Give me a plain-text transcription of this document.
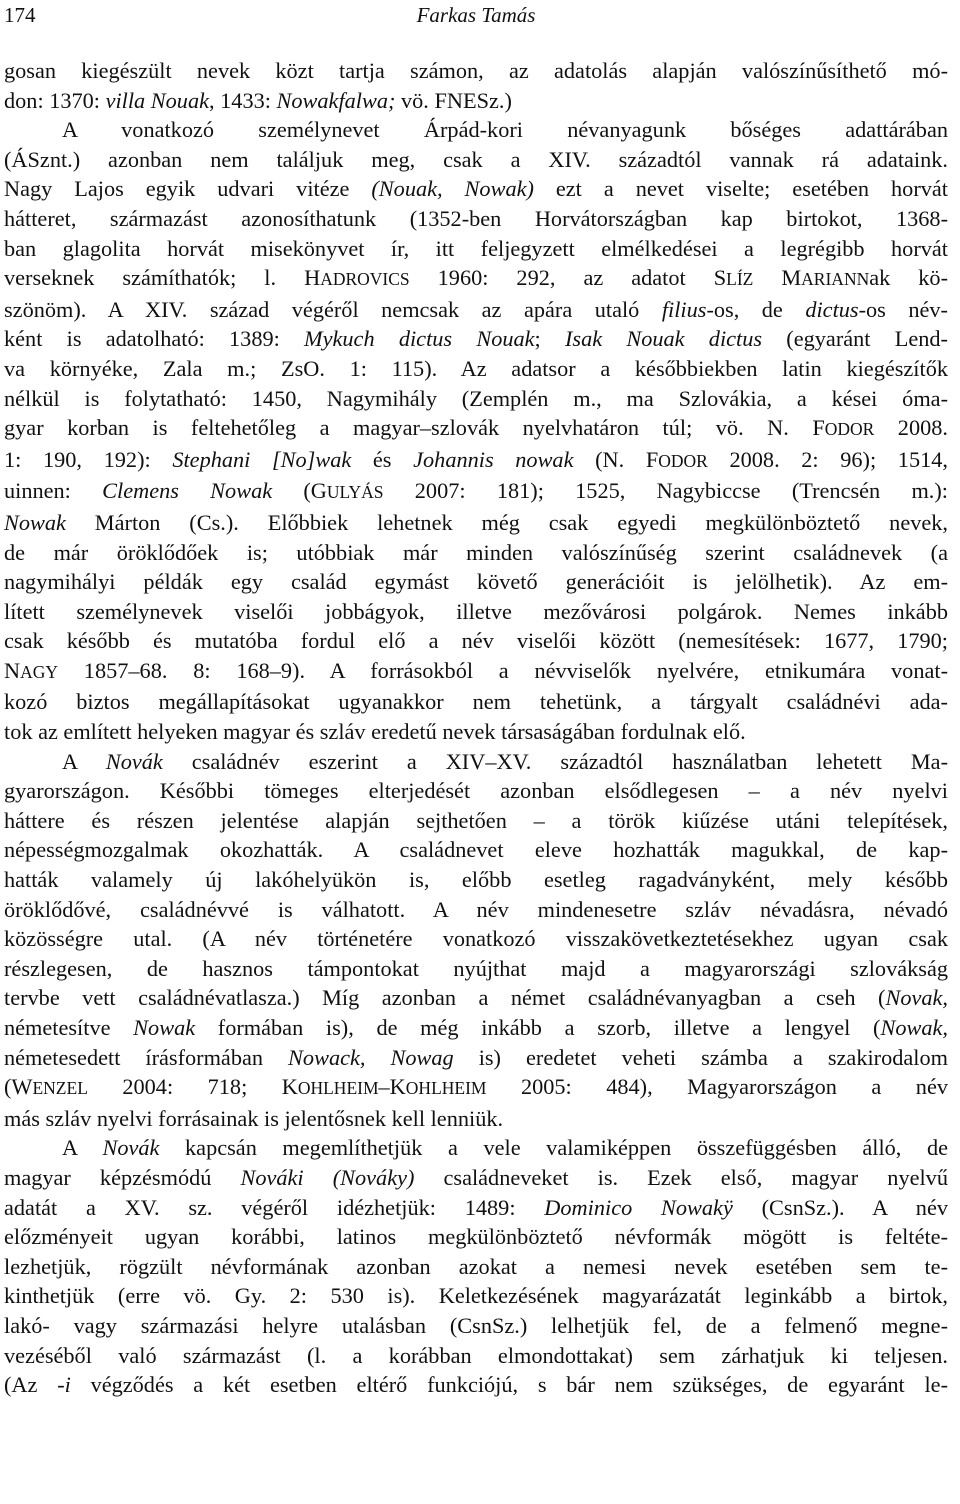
174	Farkas Tamás
gosan kiegészült nevek közt tartja számon, az adatolás alapján valószínűsíthető mó-
don: 1370: villa Nouak, 1433: Nowakfalwa; vö. FNESz.)
A vonatkozó személynevet Árpád-kori névanyagunk bőséges adattárában
(ÁSznt.) azonban nem találjuk meg, csak a XIV. századtól vannak rá adataink.
Nagy Lajos egyik udvari vitéze (Nouak, Nowak) ezt a nevet viselte; esetében horvát
hátteret, származást azonosíthatunk (1352-ben Horvátországban kap birtokot, 1368-
ban glagolita horvát misekönyvet ír, itt feljegyzett elmélkedései a legrégibb horvát
verseknek számíthatók; l. HADROVICS 1960: 292, az adatot SLÍZ MARIANNak kö-
szönöm). A XIV. század végéről nemcsak az apára utaló filius-os, de dictus-os név-
ként is adatolható: 1389: Mykuch dictus Nouak; Isak Nouak dictus (egyaránt Lend-
va környéke, Zala m.; ZsO. 1: 115). Az adatsor a későbbiekben latin kiegészítők
nélkül is folytatható: 1450, Nagymihály (Zemplén m., ma Szlovákia, a kései óma-
gyar korban is feltehetőleg a magyar–szlovák nyelvhatáron túl; vö. N. FODOR 2008.
1: 190, 192): Stephani [No]wak és Johannis nowak (N. FODOR 2008. 2: 96); 1514,
uinnen: Clemens Nowak (GULYÁS 2007: 181); 1525, Nagybiccse (Trencsén m.):
Nowak Márton (Cs.). Előbbiek lehetnek még csak egyedi megkülönböztető nevek,
de már öröklődőek is; utóbbiak már minden valószínűség szerint családnevek (a
nagymihályi példák egy család egymást követő generációit is jelölhetik). Az em-
lített személynevek viselői jobbágyok, illetve mezővárosi polgárok. Nemes inkább
csak később és mutatóba fordul elő a név viselői között (nemesítések: 1677, 1790;
NAGY 1857–68. 8: 168–9). A forrásokból a névviselők nyelvére, etnikumára vonat-
kozó biztos megállapításokat ugyanakkor nem tehetünk, a tárgyalt családnévi ada-
tok az említett helyeken magyar és szláv eredetű nevek társaságában fordulnak elő.
A Novák családnév eszerint a XIV–XV. századtól használatban lehetett Ma-
gyarországon. Későbbi tömeges elterjedését azonban elsődlegesen – a név nyelvi
háttere és részen jelentése alapján sejthetően – a török kiűzése utáni telepítések,
népességmozgalmak okozhatták. A családnevet eleve hozhatták magukkal, de kap-
hatták valamely új lakóhelyükön is, előbb esetleg ragadványként, mely később
öröklődővé, családnévvé is válhatott. A név mindenesetre szláv névadásra, névadó
közösségre utal. (A név történetére vonatkozó visszakövetkeztetésekhez ugyan csak
részlegesen, de hasznos támpontokat nyújthat majd a magyarországi szlovákság
tervbe vett családnévatlasza.) Míg azonban a német családnévanyagban a cseh (Novak,
németesítve Nowak formában is), de még inkább a szorb, illetve a lengyel (Nowak,
németesedett írásformában Nowack, Nowag is) eredetet veheti számba a szakirodalom
(WENZEL 2004: 718; KOHLHEIM–KOHLHEIM 2005: 484), Magyarországon a név
más szláv nyelvi forrásainak is jelentősnek kell lenniük.
A Novák kapcsán megemlíthetjük a vele valamiképpen összefüggésben álló, de
magyar képzésmódú Nováki (Nováky) családneveket is. Ezek első, magyar nyelvű
adatát a XV. sz. végéről idézhetjük: 1489: Dominico Nowakÿ (CsnSz.). A név
előzményeit ugyan korábbi, latinos megkülönböztető névformák mögött is feltéte-
lezhetjük, rögzült névformának azonban azokat a nemesi nevek esetében sem te-
kinthetjük (erre vö. Gy. 2: 530 is). Keletkezésének magyarázatát leginkább a birtok,
lakó- vagy származási helyre utalásban (CsnSz.) lelhetjük fel, de a felmenő megne-
vezéséből való származást (l. a korábban elmondottakat) sem zárhatjuk ki teljesen.
(Az -i végződés a két esetben eltérő funkciójú, s bár nem szükséges, de egyaránt le-
